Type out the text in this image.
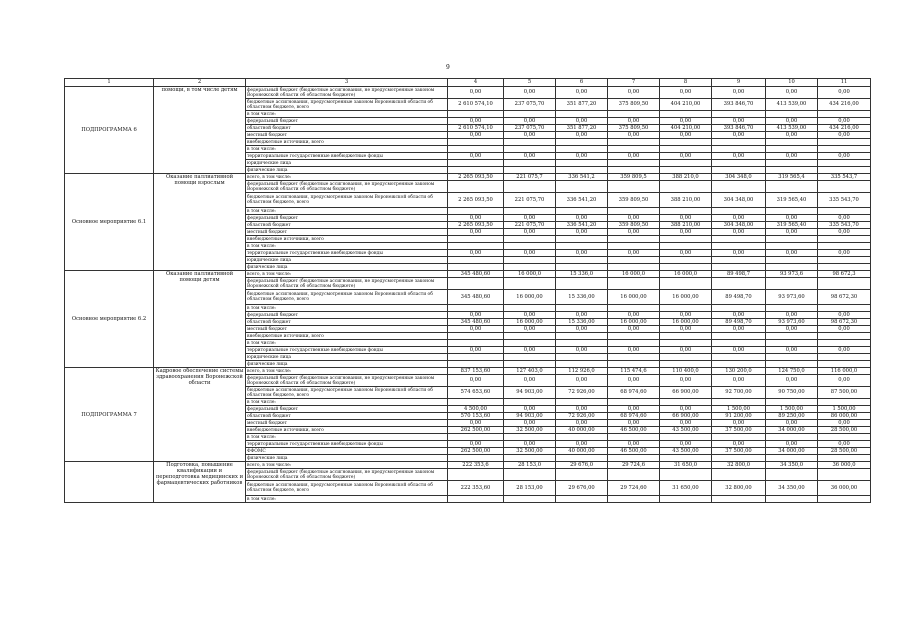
9
1	2	3	4	5	6	7	8	9	10	11
ПОДПРОГРАММА 6	помощи, в том числе детям	федеральный бюджет (бюджетные ассигнования, не предусмотренные законом Воронежской области об областном бюджете)	0,00	0,00	0,00	0,00	0,00	0,00	0,00	0,00
		бюджетные ассигнования, предусмотренные законом Воронежской области об областном бюджете, всего	2 610 574,10	237 075,70	351 877,20	375 809,50	404 210,00	393 846,70	413 539,00	434 216,00
		в том числе:								
		федеральный бюджет	0,00	0,00	0,00	0,00	0,00	0,00	0,00	0,00
		областной бюджет	2 610 574,10	237 075,70	351 877,20	375 809,50	404 210,00	393 846,70	413 539,00	434 216,00
		местный бюджет	0,00	0,00	0,00	0,00	0,00	0,00	0,00	0,00
		внебюджетные источники, всего								
		в том числе:								
		территориальные государственные внебюджетные фонды	0,00	0,00	0,00	0,00	0,00	0,00	0,00	0,00
		юридические лица								
		физические лица								
Основное мероприятие 6.1	Оказание паллиативной помощи взрослым	всего, в том числе:	2 265 093,50	221 075,7	336 541,2	359 809,5	388 210,0	304 348,0	319 565,4	335 543,7
		федеральный бюджет (бюджетные ассигнования, не предусмотренные законом Воронежской области об областном бюджете)								
		бюджетные ассигнования, предусмотренные законом Воронежской области об областном бюджете, всего	2 265 093,50	221 075,70	336 541,20	359 809,50	388 210,00	304 348,00	319 565,40	335 543,70
		в том числе:								
		федеральный бюджет	0,00	0,00	0,00	0,00	0,00	0,00	0,00	0,00
		областной бюджет	2 265 093,50	221 075,70	336 541,20	359 809,50	388 210,00	304 348,00	319 565,40	335 543,70
		местный бюджет	0,00	0,00	0,00	0,00	0,00	0,00	0,00	0,00
		внебюджетные источники, всего								
		в том числе:								
		территориальные государственные внебюджетные фонды	0,00	0,00	0,00	0,00	0,00	0,00	0,00	0,00
		юридические лица								
		физические лица								
Основное мероприятие 6.2	Оказание паллиативной помощи детям	всего, в том числе:	345 480,60	16 000,0	15 336,0	16 000,0	16 000,0	89 498,7	93 973,6	98 672,3
		федеральный бюджет (бюджетные ассигнования, не предусмотренные законом Воронежской области об областном бюджете)								
		бюджетные ассигнования, предусмотренные законом Воронежской области об областном бюджете, всего	345 480,60	16 000,00	15 336,00	16 000,00	16 000,00	89 498,70	93 973,60	98 672,30
		в том числе:								
		федеральный бюджет	0,00	0,00	0,00	0,00	0,00	0,00	0,00	0,00
		областной бюджет	345 480,60	16 000,00	15 336,00	16 000,00	16 000,00	89 498,70	93 973,60	98 672,30
		местный бюджет	0,00	0,00	0,00	0,00	0,00	0,00	0,00	0,00
		внебюджетные источники, всего								
		в том числе:								
		территориальные государственные внебюджетные фонды	0,00	0,00	0,00	0,00	0,00	0,00	0,00	0,00
		юридические лица								
		физические лица								
ПОДПРОГРАММА 7	Кадровое обеспечение системы здравоохранения Воронежской области	всего, в том числе:	837 153,60	127 403,0	112 926,0	115 474,6	110 400,0	130 200,0	124 750,0	116 000,0
		федеральный бюджет (бюджетные ассигнования, не предусмотренные законом Воронежской области об областном бюджете)	0,00	0,00	0,00	0,00	0,00	0,00	0,00	0,00
		бюджетные ассигнования, предусмотренные законом Воронежской области об областном бюджете, всего	574 653,60	94 903,00	72 926,00	68 974,60	66 900,00	92 700,00	90 750,00	87 500,00
		в том числе:								
		федеральный бюджет	4 500,00	0,00	0,00	0,00	0,00	1 500,00	1 500,00	1 500,00
		областной бюджет	570 153,60	94 903,00	72 926,00	68 974,60	66 900,00	91 200,00	89 250,00	86 000,00
		местный бюджет	0,00	0,00	0,00	0,00	0,00	0,00	0,00	0,00
		внебюджетные источники, всего	262 500,00	32 500,00	40 000,00	46 500,00	43 500,00	37 500,00	34 000,00	28 500,00
		в том числе:								
		территориальные государственные внебюджетные фонды	0,00	0,00	0,00	0,00	0,00	0,00	0,00	0,00
		ФФОМС	262 500,00	32 500,00	40 000,00	46 500,00	43 500,00	37 500,00	34 000,00	28 500,00
		физические лица								
	Подготовка, повышение квалификации и переподготовка медицинских и фармацевтических работников	всего, в том числе:	222 353,6	28 153,0	29 676,0	29 724,6	31 650,0	32 800,0	34 350,0	36 000,0
		федеральный бюджет (бюджетные ассигнования, не предусмотренные законом Воронежской области об областном бюджете)								
		бюджетные ассигнования, предусмотренные законом Воронежской области об областном бюджете, всего	222 353,60	28 153,00	29 676,00	29 724,60	31 650,00	32 800,00	34 350,00	36 000,00
		в том числе:								
